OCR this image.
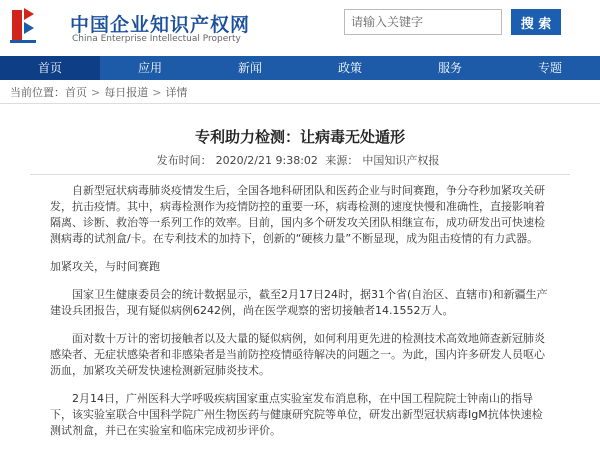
中国企业知识产权网
China Enterprise Intellectual Property
请输入关键字
搜 索
首页	应用	新闻	政策	服务	专题
当前位置：首页 > 每日报道 > 详情
专利助力检测：让病毒无处遁形
发布时间： 2020/2/21 9:38:02 来源： 中国知识产权报

自新型冠状病毒肺炎疫情发生后，全国各地科研团队和医药企业与时间赛跑，争分夺秒加紧攻关研发，抗击疫情。其中，病毒检测作为疫情防控的重要一环，病毒检测的速度快慢和准确性，直接影响着隔离、诊断、救治等一系列工作的效率。目前，国内多个研发攻关团队相继宣布，成功研发出可快速检测病毒的试剂盒/卡。在专利技术的加持下，创新的“硬核力量”不断显现，成为阻击疫情的有力武器。

加紧攻关，与时间赛跑

国家卫生健康委员会的统计数据显示，截至2月17日24时，据31个省(自治区、直辖市)和新疆生产建设兵团报告，现有疑似病例6242例，尚在医学观察的密切接触者14.1552万人。

面对数十万计的密切接触者以及大量的疑似病例，如何利用更先进的检测技术高效地筛查新冠肺炎感染者、无症状感染者和非感染者是当前防控疫情亟待解决的问题之一。为此，国内许多研发人员呕心沥血，加紧攻关研发快速检测新冠肺炎技术。

2月14日，广州医科大学呼吸疾病国家重点实验室发布消息称，在中国工程院院士钟南山的指导下，该实验室联合中国科学院广州生物医药与健康研究院等单位，研发出新型冠状病毒IgM抗体快速检测试剂盒，并已在实验室和临床完成初步评价。
